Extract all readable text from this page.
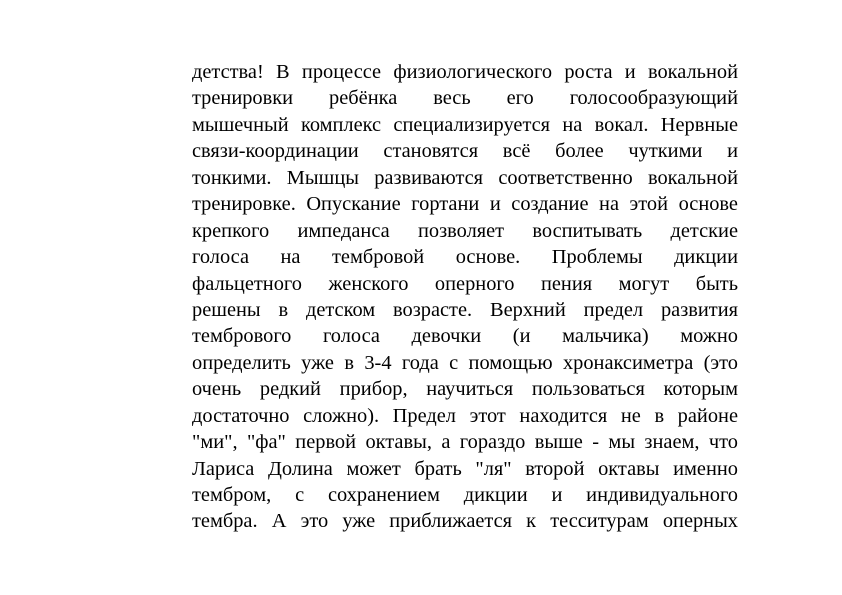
детства! В процессе физиологического роста и вокальной
тренировки ребёнка весь его голосообразующий
мышечный комплекс специализируется на вокал. Нервные
связи-координации становятся всё более чуткими и
тонкими. Мышцы развиваются соответственно вокальной
тренировке. Опускание гортани и создание на этой основе
крепкого импеданса позволяет воспитывать детские
голоса на тембровой основе. Проблемы дикции
фальцетного женского оперного пения могут быть
решены в детском возрасте. Верхний предел развития
тембрового голоса девочки (и мальчика) можно
определить уже в 3-4 года с помощью хронаксиметра (это
очень редкий прибор, научиться пользоваться которым
достаточно сложно). Предел этот находится не в районе
"ми", "фа" первой октавы, а гораздо выше - мы знаем, что
Лариса Долина может брать "ля" второй октавы именно
тембром, с сохранением дикции и индивидуального
тембра. А это уже приближается к тесситурам оперных
